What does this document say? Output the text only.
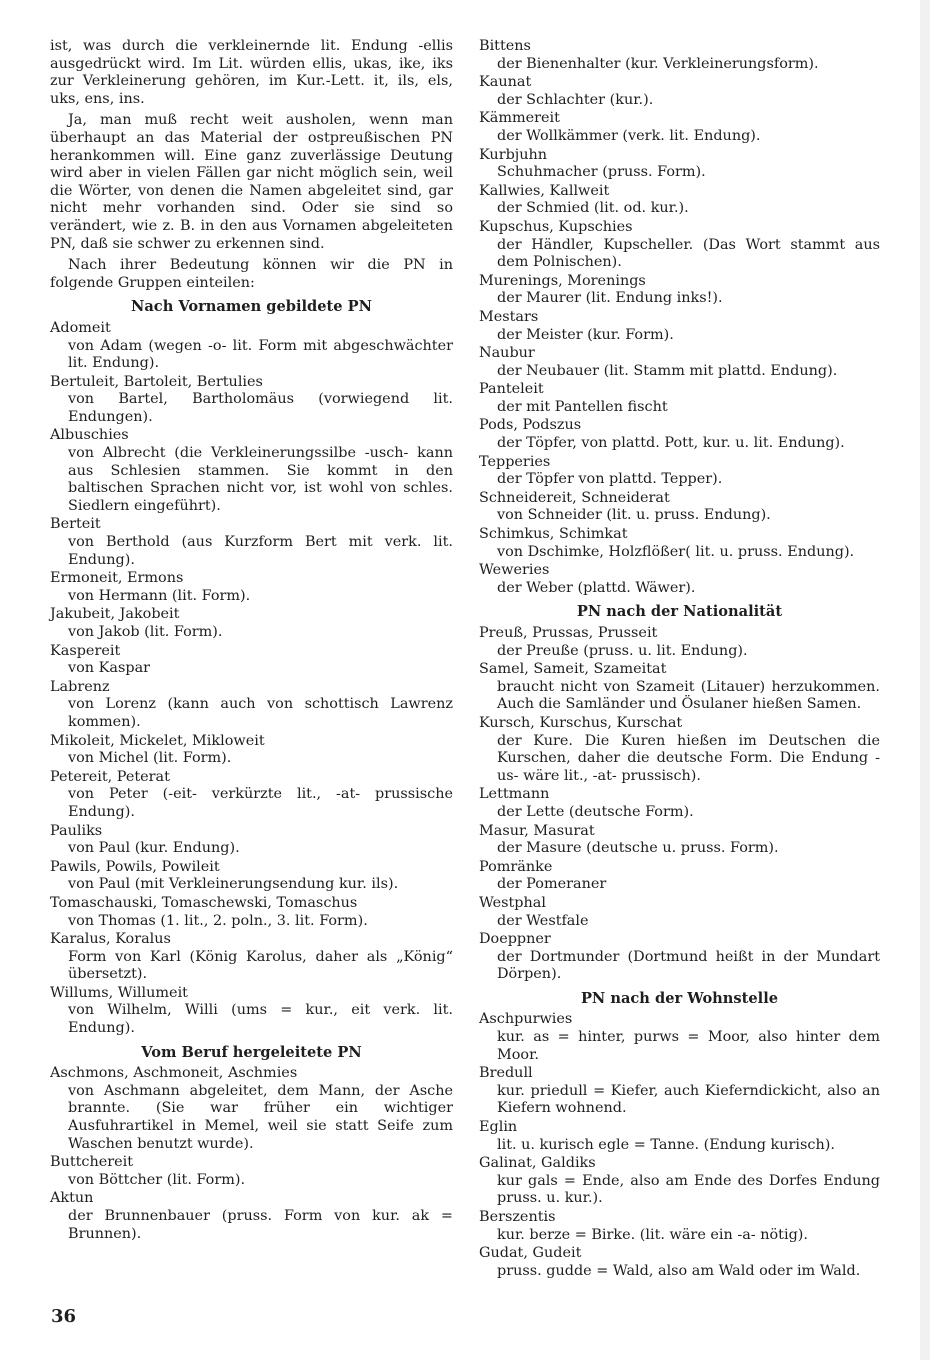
ist, was durch die verkleinernde lit. Endung -ellis ausgedrückt wird. Im Lit. würden ellis, ukas, ike, iks zur Verkleinerung gehören, im Kur.-Lett. it, ils, els, uks, ens, ins.

Ja, man muß recht weit ausholen, wenn man überhaupt an das Material der ostpreußischen PN herankommen will. Eine ganz zuverlässige Deutung wird aber in vielen Fällen gar nicht möglich sein, weil die Wörter, von denen die Namen abgeleitet sind, gar nicht mehr vorhanden sind. Oder sie sind so verändert, wie z. B. in den aus Vornamen abgeleiteten PN, daß sie schwer zu erkennen sind.

Nach ihrer Bedeutung können wir die PN in folgende Gruppen einteilen:

Nach Vornamen gebildete PN
Adomeit
von Adam (wegen -o- lit. Form mit abgeschwächter lit. Endung).
Bertuleit, Bartoleit, Bertulies
von Bartel, Bartholomäus (vorwiegend lit. Endungen).
Albuschies
von Albrecht (die Verkleinerungssilbe -usch- kann aus Schlesien stammen. Sie kommt in den baltischen Sprachen nicht vor, ist wohl von schles. Siedlern eingeführt).
Berteit
von Berthold (aus Kurzform Bert mit verk. lit. Endung).
Ermoneit, Ermons
von Hermann (lit. Form).
Jakubeit, Jakobeit
von Jakob (lit. Form).
Kaspereit
von Kaspar
Labrenz
von Lorenz (kann auch von schottisch Lawrenz kommen).
Mikoleit, Mickelet, Mikloweit
von Michel (lit. Form).
Petereit, Peterat
von Peter (-eit- verkürzte lit., -at- prussische Endung).
Pauliks
von Paul (kur. Endung).
Pawils, Powils, Powileit
von Paul (mit Verkleinerungsendung kur. ils).
Tomaschauski, Tomaschewski, Tomaschus
von Thomas (1. lit., 2. poln., 3. lit. Form).
Karalus, Koralus
Form von Karl (König Karolus, daher als „König“ übersetzt).
Willums, Willumeit
von Wilhelm, Willi (ums = kur., eit verk. lit. Endung).
Vom Beruf hergeleitete PN
Aschmons, Aschmoneit, Aschmies
von Aschmann abgeleitet, dem Mann, der Asche brannte. (Sie war früher ein wichtiger Ausfuhrartikel in Memel, weil sie statt Seife zum Waschen benutzt wurde).
Buttchereit
von Böttcher (lit. Form).
Aktun
der Brunnenbauer (pruss. Form von kur. ak = Brunnen).
Bittens
der Bienenhalter (kur. Verkleinerungsform).
Kaunat
der Schlachter (kur.).
Kämmereit
der Wollkämmer (verk. lit. Endung).
Kurbjuhn
Schuhmacher (pruss. Form).
Kallwies, Kallweit
der Schmied (lit. od. kur.).
Kupschus, Kupschies
der Händler, Kupscheller. (Das Wort stammt aus dem Polnischen).
Murenings, Morenings
der Maurer (lit. Endung inks!).
Mestars
der Meister (kur. Form).
Naubur
der Neubauer (lit. Stamm mit plattd. Endung).
Panteleit
der mit Pantellen fischt
Pods, Podszus
der Töpfer, von plattd. Pott, kur. u. lit. Endung).
Tepperies
der Töpfer von plattd. Tepper).
Schneidereit, Schneiderat
von Schneider (lit. u. pruss. Endung).
Schimkus, Schimkat
von Dschimke, Holzflößer( lit. u. pruss. Endung).
Weweries
der Weber (plattd. Wäwer).
PN nach der Nationalität
Preuß, Prussas, Prusseit
der Preuße (pruss. u. lit. Endung).
Samel, Sameit, Szameitat
braucht nicht von Szameit (Litauer) herzukommen. Auch die Samländer und Ösulaner hießen Samen.
Kursch, Kurschus, Kurschat
der Kure. Die Kuren hießen im Deutschen die Kurschen, daher die deutsche Form. Die Endung -us- wäre lit., -at- prussisch).
Lettmann
der Lette (deutsche Form).
Masur, Masurat
der Masure (deutsche u. pruss. Form).
Pomränke
der Pomeraner
Westphal
der Westfale
Doeppner
der Dortmunder (Dortmund heißt in der Mundart Dörpen).
PN nach der Wohnstelle
Aschpurwies
kur. as = hinter, purws = Moor, also hinter dem Moor.
Bredull
kur. priedull = Kiefer, auch Kieferndickicht, also an Kiefern wohnend.
Eglin
lit. u. kurisch egle = Tanne. (Endung kurisch).
Galinat, Galdiks
kur gals = Ende, also am Ende des Dorfes Endung pruss. u. kur.).
Berszentis
kur. berze = Birke. (lit. wäre ein -a- nötig).
Gudat, Gudeit
pruss. gudde = Wald, also am Wald oder im Wald.
36
